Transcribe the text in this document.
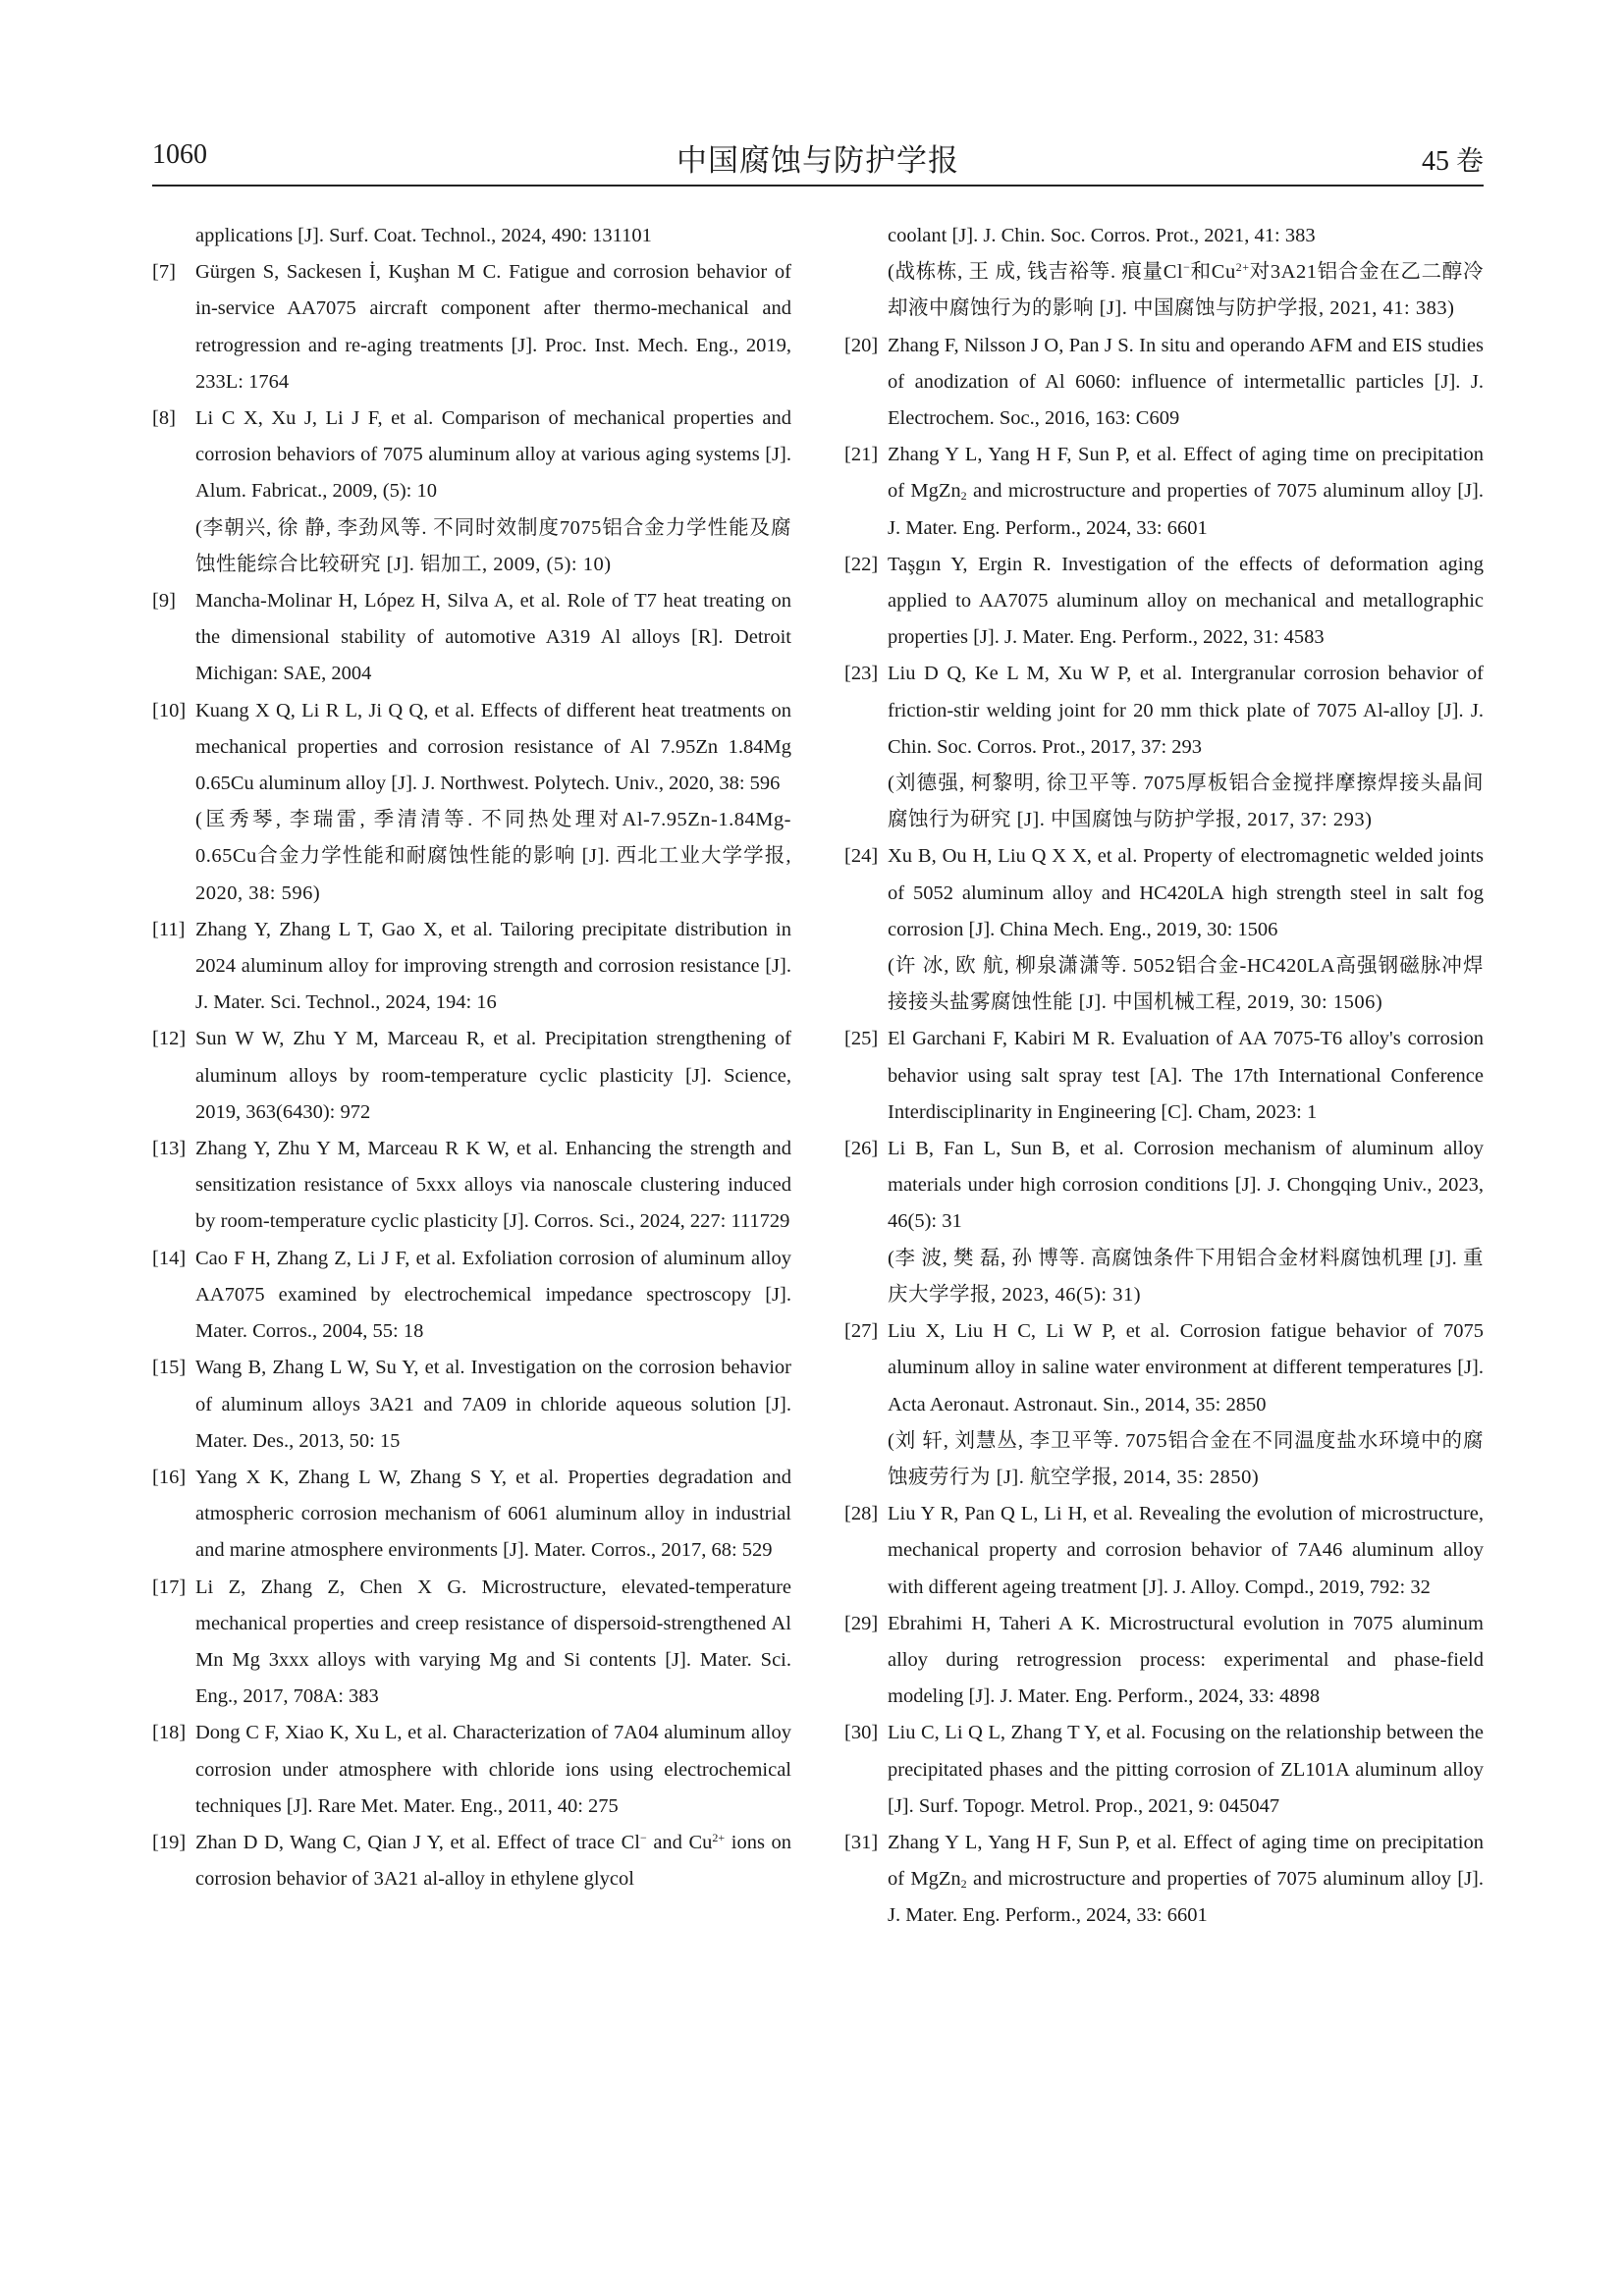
1060	中国腐蚀与防护学报	45 卷
applications [J]. Surf. Coat. Technol., 2024, 490: 131101
[7] Gürgen S, Sackesen İ, Kuşhan M C. Fatigue and corrosion behavior of in-service AA7075 aircraft component after thermo-mechanical and retrogression and re-aging treatments [J]. Proc. Inst. Mech. Eng., 2019, 233L: 1764
[8] Li C X, Xu J, Li J F, et al. Comparison of mechanical properties and corrosion behaviors of 7075 aluminum alloy at various aging systems [J]. Alum. Fabricat., 2009, (5): 10
(李朝兴, 徐 静, 李劲风等. 不同时效制度7075铝合金力学性能及腐蚀性能综合比较研究 [J]. 铝加工, 2009, (5): 10)
[9] Mancha-Molinar H, López H, Silva A, et al. Role of T7 heat treating on the dimensional stability of automotive A319 Al alloys [R]. Detroit Michigan: SAE, 2004
[10] Kuang X Q, Li R L, Ji Q Q, et al. Effects of different heat treatments on mechanical properties and corrosion resistance of Al 7.95Zn 1.84Mg 0.65Cu aluminum alloy [J]. J. Northwest. Polytech. Univ., 2020, 38: 596
(匡秀琴, 李瑞雷, 季清清等. 不同热处理对Al-7.95Zn-1.84Mg-0.65Cu合金力学性能和耐腐蚀性能的影响 [J]. 西北工业大学学报, 2020, 38: 596)
[11] Zhang Y, Zhang L T, Gao X, et al. Tailoring precipitate distribution in 2024 aluminum alloy for improving strength and corrosion resistance [J]. J. Mater. Sci. Technol., 2024, 194: 16
[12] Sun W W, Zhu Y M, Marceau R, et al. Precipitation strengthening of aluminum alloys by room-temperature cyclic plasticity [J]. Science, 2019, 363(6430): 972
[13] Zhang Y, Zhu Y M, Marceau R K W, et al. Enhancing the strength and sensitization resistance of 5xxx alloys via nanoscale clustering induced by room-temperature cyclic plasticity [J]. Corros. Sci., 2024, 227: 111729
[14] Cao F H, Zhang Z, Li J F, et al. Exfoliation corrosion of aluminum alloy AA7075 examined by electrochemical impedance spectroscopy [J]. Mater. Corros., 2004, 55: 18
[15] Wang B, Zhang L W, Su Y, et al. Investigation on the corrosion behavior of aluminum alloys 3A21 and 7A09 in chloride aqueous solution [J]. Mater. Des., 2013, 50: 15
[16] Yang X K, Zhang L W, Zhang S Y, et al. Properties degradation and atmospheric corrosion mechanism of 6061 aluminum alloy in industrial and marine atmosphere environments [J]. Mater. Corros., 2017, 68: 529
[17] Li Z, Zhang Z, Chen X G. Microstructure, elevated-temperature mechanical properties and creep resistance of dispersoid-strengthened Al Mn Mg 3xxx alloys with varying Mg and Si contents [J]. Mater. Sci. Eng., 2017, 708A: 383
[18] Dong C F, Xiao K, Xu L, et al. Characterization of 7A04 aluminum alloy corrosion under atmosphere with chloride ions using electrochemical techniques [J]. Rare Met. Mater. Eng., 2011, 40: 275
[19] Zhan D D, Wang C, Qian J Y, et al. Effect of trace Cl− and $Cu^{2+}$ ions on corrosion behavior of 3A21 al-alloy in ethylene glycol
coolant [J]. J. Chin. Soc. Corros. Prot., 2021, 41: 383
(战栋栋, 王 成, 钱吉裕等. 痕量Cl−和$Cu^{2+}$对3A21铝合金在乙二醇冷却液中腐蚀行为的影响 [J]. 中国腐蚀与防护学报, 2021, 41: 383)
[20] Zhang F, Nilsson J O, Pan J S. In situ and operando AFM and EIS studies of anodization of Al 6060: influence of intermetallic particles [J]. J. Electrochem. Soc., 2016, 163: C609
[21] Zhang Y L, Yang H F, Sun P, et al. Effect of aging time on precipitation of MgZn$_2$ and microstructure and properties of 7075 aluminum alloy [J]. J. Mater. Eng. Perform., 2024, 33: 6601
[22] Taşgın Y, Ergin R. Investigation of the effects of deformation aging applied to AA7075 aluminum alloy on mechanical and metallographic properties [J]. J. Mater. Eng. Perform., 2022, 31: 4583
[23] Liu D Q, Ke L M, Xu W P, et al. Intergranular corrosion behavior of friction-stir welding joint for 20 mm thick plate of 7075 Al-alloy [J]. J. Chin. Soc. Corros. Prot., 2017, 37: 293
(刘德强, 柯黎明, 徐卫平等. 7075厚板铝合金搅拌摩擦焊接头晶间腐蚀行为研究 [J]. 中国腐蚀与防护学报, 2017, 37: 293)
[24] Xu B, Ou H, Liu Q X X, et al. Property of electromagnetic welded joints of 5052 aluminum alloy and HC420LA high strength steel in salt fog corrosion [J]. China Mech. Eng., 2019, 30: 1506
(许 冰, 欧 航, 柳泉潇潇等. 5052铝合金-HC420LA高强钢磁脉冲焊接接头盐雾腐蚀性能 [J]. 中国机械工程, 2019, 30: 1506)
[25] El Garchani F, Kabiri M R. Evaluation of AA 7075-T6 alloy's corrosion behavior using salt spray test [A]. The 17th International Conference Interdisciplinarity in Engineering [C]. Cham, 2023: 1
[26] Li B, Fan L, Sun B, et al. Corrosion mechanism of aluminum alloy materials under high corrosion conditions [J]. J. Chongqing Univ., 2023, 46(5): 31
(李 波, 樊 磊, 孙 博等. 高腐蚀条件下用铝合金材料腐蚀机理 [J]. 重庆大学学报, 2023, 46(5): 31)
[27] Liu X, Liu H C, Li W P, et al. Corrosion fatigue behavior of 7075 aluminum alloy in saline water environment at different temperatures [J]. Acta Aeronaut. Astronaut. Sin., 2014, 35: 2850
(刘 轩, 刘慧丛, 李卫平等. 7075铝合金在不同温度盐水环境中的腐蚀疲劳行为 [J]. 航空学报, 2014, 35: 2850)
[28] Liu Y R, Pan Q L, Li H, et al. Revealing the evolution of microstructure, mechanical property and corrosion behavior of 7A46 aluminum alloy with different ageing treatment [J]. J. Alloy. Compd., 2019, 792: 32
[29] Ebrahimi H, Taheri A K. Microstructural evolution in 7075 aluminum alloy during retrogression process: experimental and phase-field modeling [J]. J. Mater. Eng. Perform., 2024, 33: 4898
[30] Liu C, Li Q L, Zhang T Y, et al. Focusing on the relationship between the precipitated phases and the pitting corrosion of ZL101A aluminum alloy [J]. Surf. Topogr. Metrol. Prop., 2021, 9: 045047
[31] Zhang Y L, Yang H F, Sun P, et al. Effect of aging time on precipitation of MgZn$_2$ and microstructure and properties of 7075 aluminum alloy [J]. J. Mater. Eng. Perform., 2024, 33: 6601
